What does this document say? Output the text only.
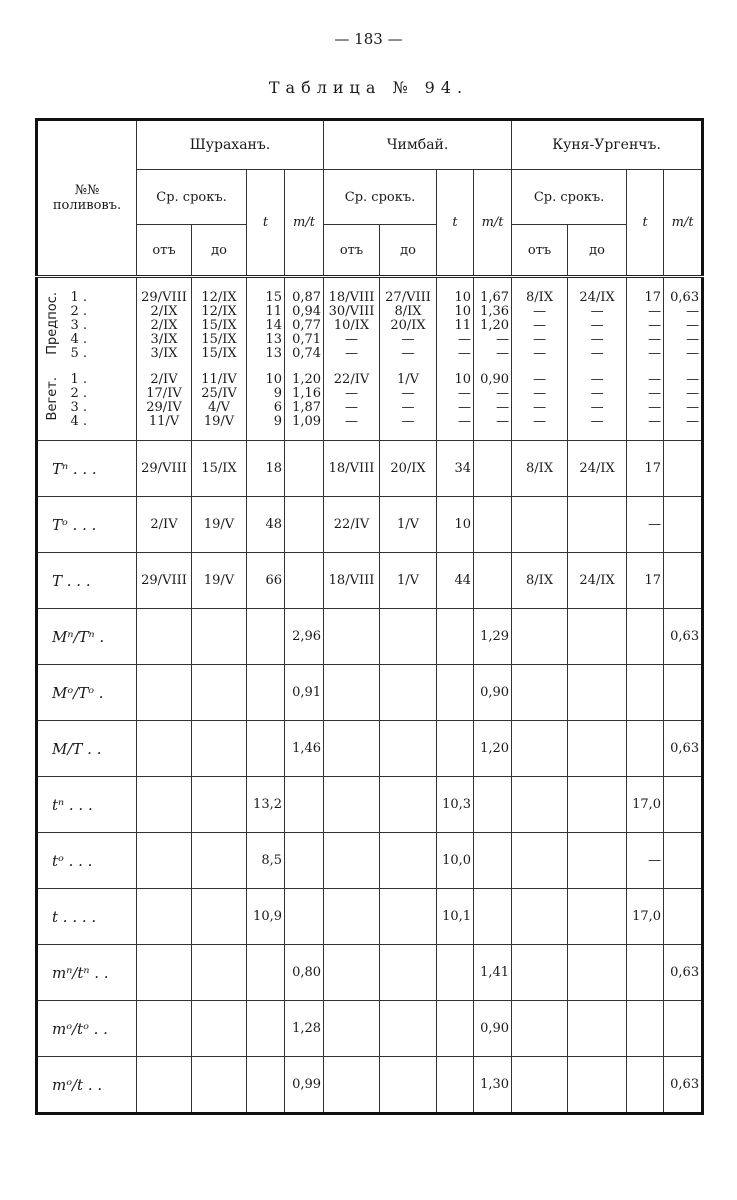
— 183 —
Таблица № 94.
№№ поливовъ.		Шураханъ.				Чимбай.				Куня-Ургенчъ.			
		Ср. срокъ.		t	m/t	Ср. срокъ.		t	m/t	Ср. срокъ.		t	m/t
		отъ	до			отъ	до			отъ	до		

Предпос.	1 .	29/VIII	12/IX	15	0,87	18/VIII	27/VIII	10	1,67	8/IX	24/IX	17	0,63
	2 .	2/IX	12/IX	11	0,94	30/VIII	8/IX	10	1,36	—	—	—	—
	3 .	2/IX	15/IX	14	0,77	10/IX	20/IX	11	1,20	—	—	—	—
	4 .	3/IX	15/IX	13	0,71	—	—	—	—	—	—	—	—
	5 .	3/IX	15/IX	13	0,74	—	—	—	—	—	—	—	—

Вегет.	1 .	2/IV	11/IV	10	1,20	22/IV	1/V	10	0,90	—	—	—	—
	2 .	17/IV	25/IV	9	1,16	—	—	—	—	—	—	—	—
	3 .	29/IV	4/V	6	1,87	—	—	—	—	—	—	—	—
	4 .	11/V	19/V	9	1,09	—	—	—	—	—	—	—	—

Tⁿ . . .		29/VIII	15/IX	18		18/VIII	20/IX	34		8/IX	24/IX	17	
Tᵒ . . .		2/IV	19/V	48		22/IV	1/V	10				—	
T . . .		29/VIII	19/V	66		18/VIII	1/V	44		8/IX	24/IX	17	
Mⁿ/Tⁿ .					2,96				1,29				0,63
Mᵒ/Tᵒ .					0,91				0,90				
M/T . .					1,46				1,20				0,63
tⁿ . . .				13,2				10,3				17,0	
tᵒ . . .				8,5				10,0				—	
t . . . .				10,9				10,1				17,0	
mⁿ/tⁿ . .					0,80				1,41				0,63
mᵒ/tᵒ . .					1,28				0,90				
mᵒ/t . .					0,99				1,30				0,63
